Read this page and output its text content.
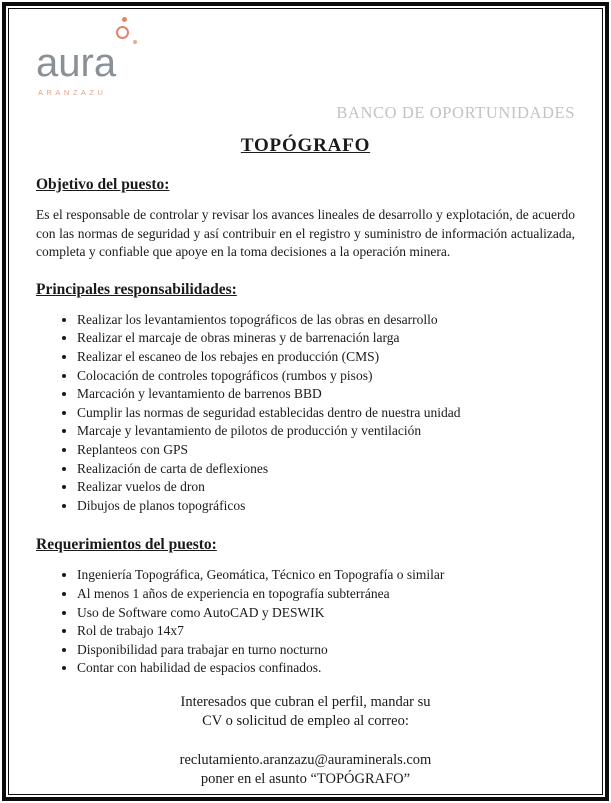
aura
ARANZAZU
BANCO DE OPORTUNIDADES
TOPÓGRAFO
Objetivo del puesto:

Es el responsable de controlar y revisar los avances lineales de desarrollo y explotación, de acuerdo con las normas de seguridad y así contribuir en el registro y suministro de información actualizada, completa y confiable que apoye en la toma decisiones a la operación minera.

Principales responsabilidades:
• Realizar los levantamientos topográficos de las obras en desarrollo
• Realizar el marcaje de obras mineras y de barrenación larga
• Realizar el escaneo de los rebajes en producción (CMS)
• Colocación de controles topográficos (rumbos y pisos)
• Marcación y levantamiento de barrenos BBD
• Cumplir las normas de seguridad establecidas dentro de nuestra unidad
• Marcaje y levantamiento de pilotos de producción y ventilación
• Replanteos con GPS
• Realización de carta de deflexiones
• Realizar vuelos de dron
• Dibujos de planos topográficos
Requerimientos del puesto:
• Ingeniería Topográfica, Geomática, Técnico en Topografía o similar
• Al menos 1 años de experiencia en topografía subterránea
• Uso de Software como AutoCAD y DESWIK
• Rol de trabajo 14x7
• Disponibilidad para trabajar en turno nocturno
• Contar con habilidad de espacios confinados.
Interesados que cubran el perfil, mandar su
CV o solicitud de empleo al correo:
reclutamiento.aranzazu@auraminerals.com
poner en el asunto “TOPÓGRAFO”
